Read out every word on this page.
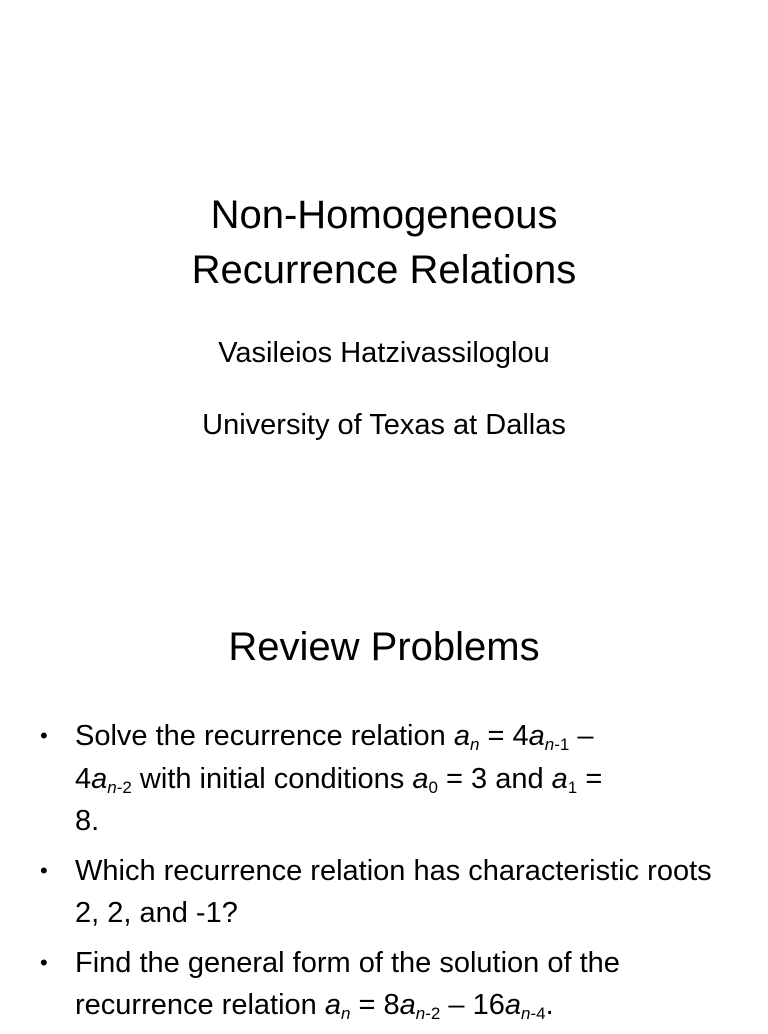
Non-Homogeneous
Recurrence Relations
Vasileios Hatzivassiloglou
University of Texas at Dallas
Review Problems
• Solve the recurrence relation $a_n = 4a_{n-1}$ –
$4a_{n-2}$ with initial conditions $a_0 = 3$ and $a_1$ =
8.
• Which recurrence relation has characteristic roots 2, 2, and -1?
• Find the general form of the solution of the recurrence relation $a_n = 8a_{n-2} - 16a_{n-4}$.
